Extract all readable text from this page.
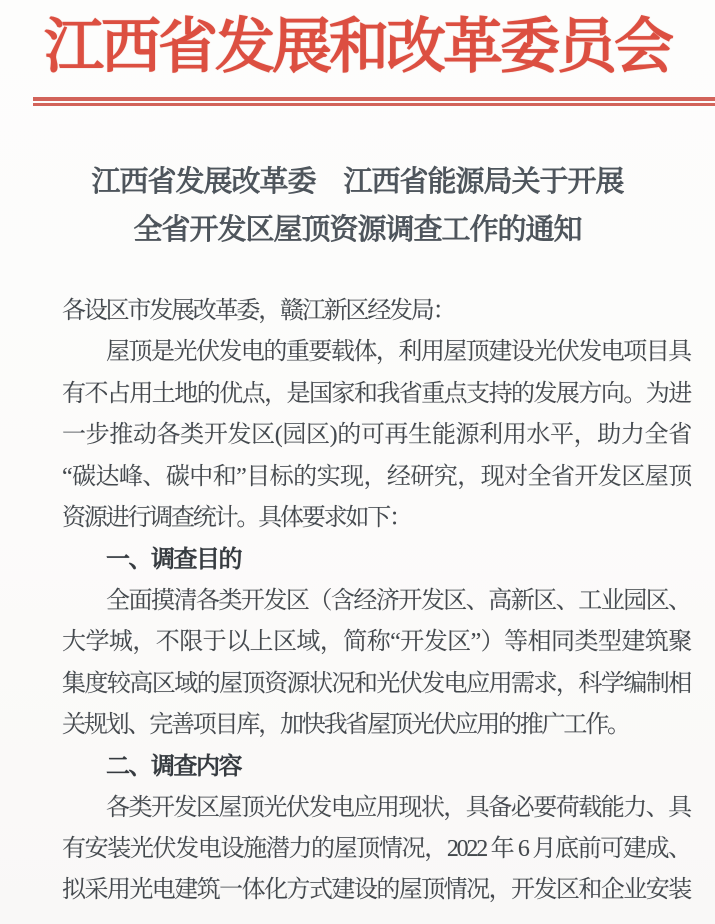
江西省发展和改革委员会
江西省发展改革委　江西省能源局关于开展
全省开发区屋顶资源调查工作的通知
各设区市发展改革委，赣江新区经发局：
屋顶是光伏发电的重要载体，利用屋顶建设光伏发电项目具
有不占用土地的优点，是国家和我省重点支持的发展方向。为进
一步推动各类开发区(园区)的可再生能源利用水平，助力全省
“碳达峰、碳中和”目标的实现，经研究，现对全省开发区屋顶
资源进行调查统计。具体要求如下：
一、调查目的
全面摸清各类开发区（含经济开发区、高新区、工业园区、
大学城，不限于以上区域，简称“开发区”）等相同类型建筑聚
集度较高区域的屋顶资源状况和光伏发电应用需求，科学编制相
关规划、完善项目库，加快我省屋顶光伏应用的推广工作。
二、调查内容
各类开发区屋顶光伏发电应用现状，具备必要荷载能力、具
有安装光伏发电设施潜力的屋顶情况，2022 年 6 月底前可建成、
拟采用光电建筑一体化方式建设的屋顶情况，开发区和企业安装
